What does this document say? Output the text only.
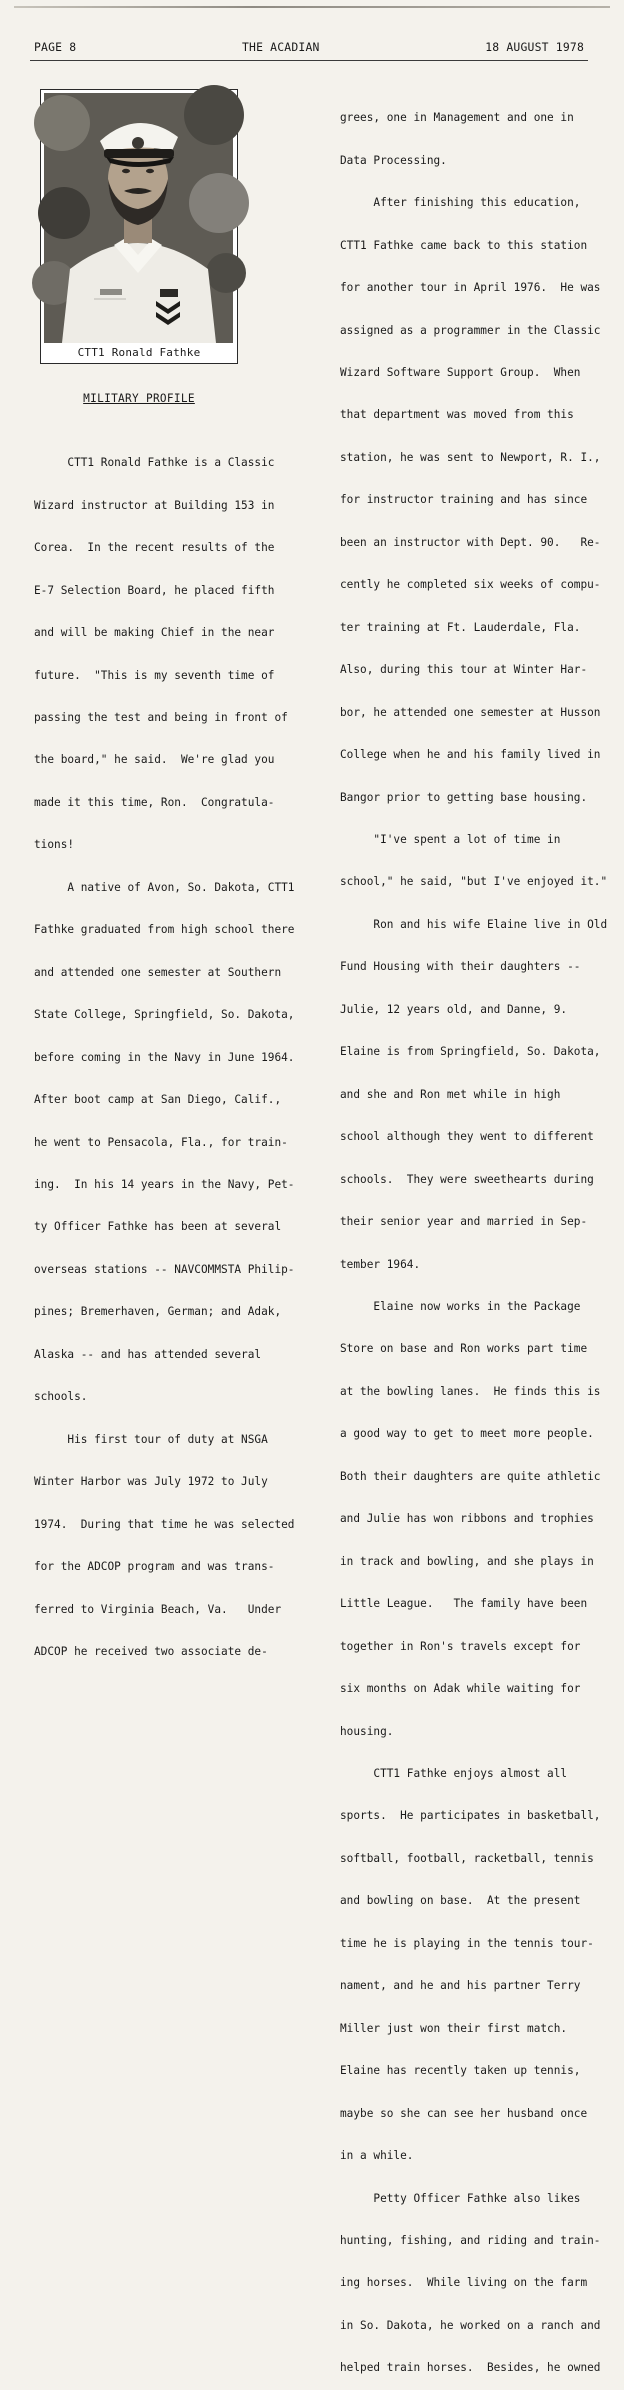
PAGE 8	THE ACADIAN	18 AUGUST 1978
CTT1 Ronald Fathke
MILITARY PROFILE

CTT1 Ronald Fathke is a Classic

Wizard instructor at Building 153 in

Corea.  In the recent results of the

E-7 Selection Board, he placed fifth

and will be making Chief in the near

future.  "This is my seventh time of

passing the test and being in front of

the board," he said.  We're glad you

made it this time, Ron.  Congratula-

tions!

A native of Avon, So. Dakota, CTT1

Fathke graduated from high school there

and attended one semester at Southern

State College, Springfield, So. Dakota,

before coming in the Navy in June 1964.

After boot camp at San Diego, Calif.,

he went to Pensacola, Fla., for train-

ing.  In his 14 years in the Navy, Pet-

ty Officer Fathke has been at several

overseas stations -- NAVCOMMSTA Philip-

pines; Bremerhaven, German; and Adak,

Alaska -- and has attended several

schools.

His first tour of duty at NSGA

Winter Harbor was July 1972 to July

1974.  During that time he was selected

for the ADCOP program and was trans-

ferred to Virginia Beach, Va.   Under

ADCOP he received two associate de-

grees, one in Management and one in

Data Processing.

After finishing this education,

CTT1 Fathke came back to this station

for another tour in April 1976.  He was

assigned as a programmer in the Classic

Wizard Software Support Group.  When

that department was moved from this

station, he was sent to Newport, R. I.,

for instructor training and has since

been an instructor with Dept. 90.   Re-

cently he completed six weeks of compu-

ter training at Ft. Lauderdale, Fla.

Also, during this tour at Winter Har-

bor, he attended one semester at Husson

College when he and his family lived in

Bangor prior to getting base housing.

"I've spent a lot of time in

school," he said, "but I've enjoyed it."

Ron and his wife Elaine live in Old

Fund Housing with their daughters --

Julie, 12 years old, and Danne, 9.

Elaine is from Springfield, So. Dakota,

and she and Ron met while in high

school although they went to different

schools.  They were sweethearts during

their senior year and married in Sep-

tember 1964.

Elaine now works in the Package

Store on base and Ron works part time

at the bowling lanes.  He finds this is

a good way to get to meet more people.

Both their daughters are quite athletic

and Julie has won ribbons and trophies

in track and bowling, and she plays in

Little League.   The family have been

together in Ron's travels except for

six months on Adak while waiting for

housing.

CTT1 Fathke enjoys almost all

sports.  He participates in basketball,

softball, football, racketball, tennis

and bowling on base.  At the present

time he is playing in the tennis tour-

nament, and he and his partner Terry

Miller just won their first match.

Elaine has recently taken up tennis,

maybe so she can see her husband once

in a while.

Petty Officer Fathke also likes

hunting, fishing, and riding and train-

ing horses.  While living on the farm

in So. Dakota, he worked on a ranch and

helped train horses.  Besides, he owned
